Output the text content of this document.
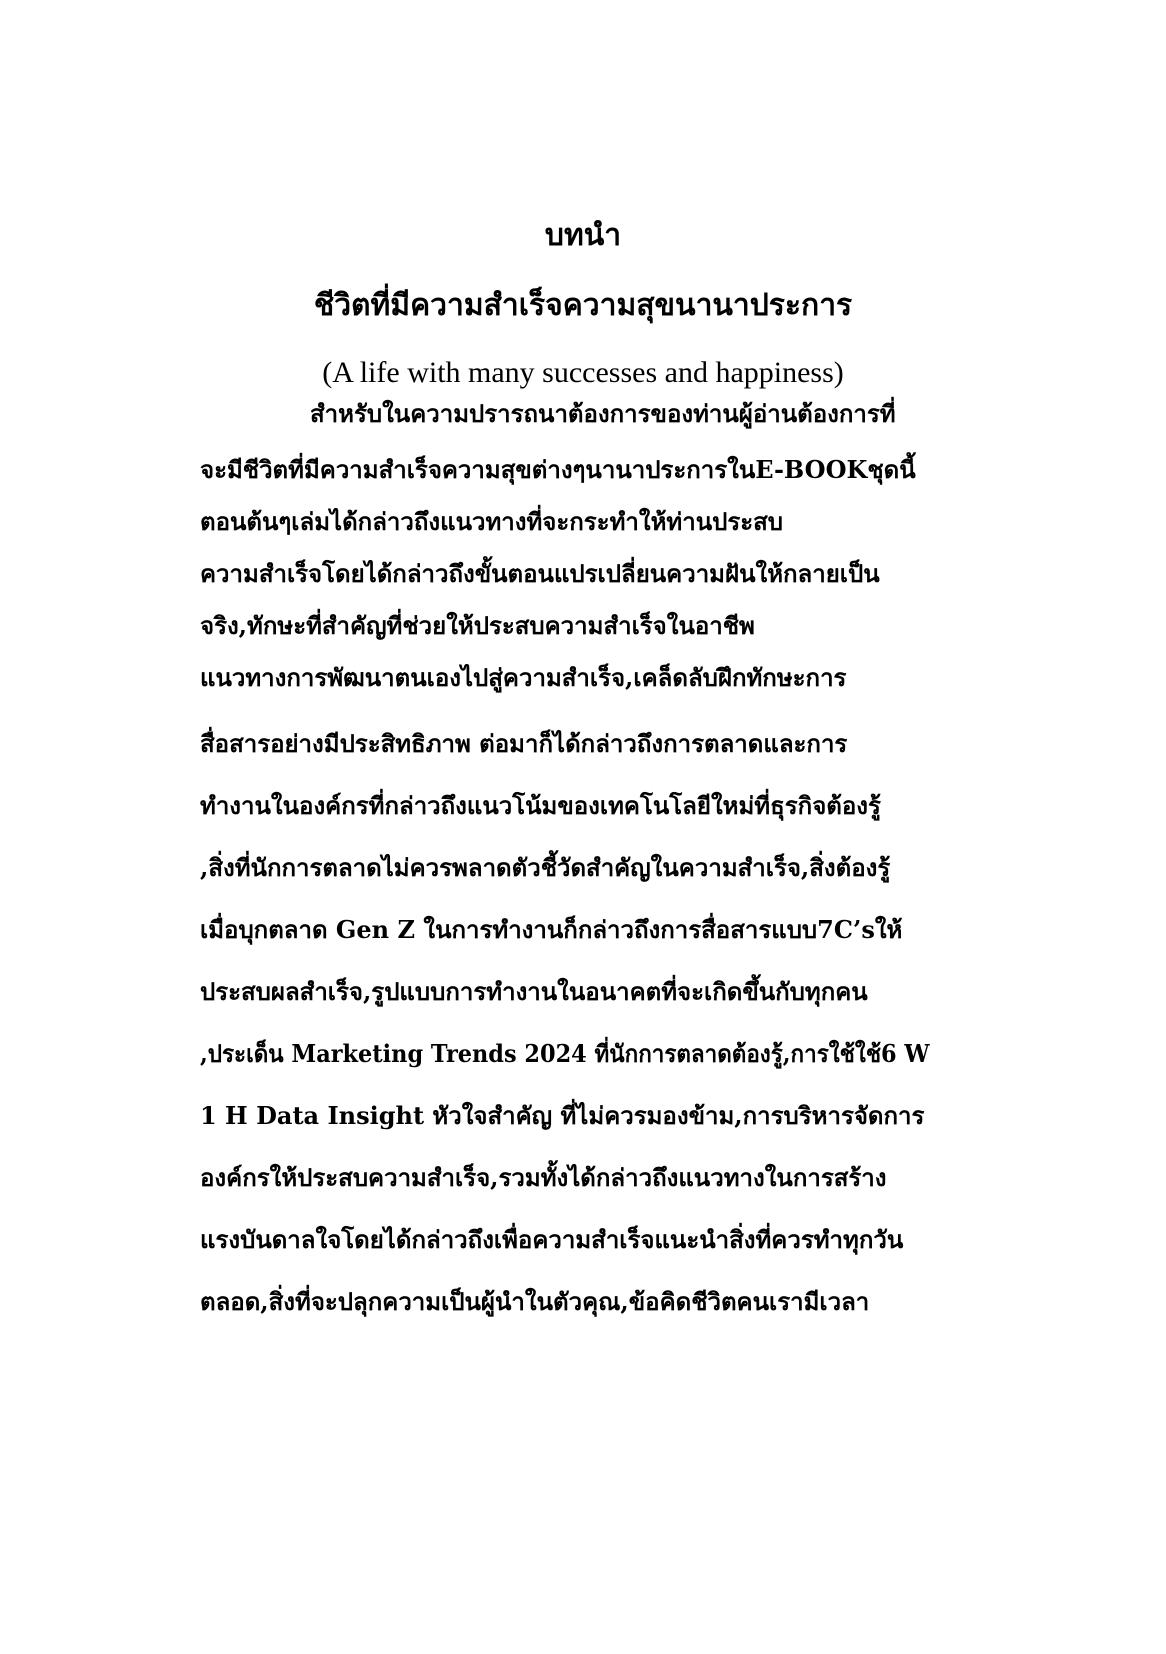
บทนำ
ชีวิตที่มีความสำเร็จความสุขนานาประการ
(A life with many successes and happiness)
สำหรับในความปรารถนาต้องการของท่านผู้อ่านต้องการที่
จะมีชีวิตที่มีความสำเร็จความสุขต่างๆนานาประการในE-BOOKชุดนี้
ตอนต้นๆเล่มได้กล่าวถึงแนวทางที่จะกระทำให้ท่านประสบ
ความสำเร็จโดยได้กล่าวถึงขั้นตอนแปรเปลี่ยนความฝันให้กลายเป็น
จริง,ทักษะที่สำคัญที่ช่วยให้ประสบความสำเร็จในอาชีพ
แนวทางการพัฒนาตนเองไปสู่ความสำเร็จ,เคล็ดลับฝึกทักษะการ
สื่อสารอย่างมีประสิทธิภาพ ต่อมาก็ได้กล่าวถึงการตลาดและการ
ทำงานในองค์กรที่กล่าวถึงแนวโน้มของเทคโนโลยีใหม่ที่ธุรกิจต้องรู้
,สิ่งที่นักการตลาดไม่ควรพลาดตัวชี้วัดสำคัญในความสำเร็จ,สิ่งต้องรู้
เมื่อบุกตลาด Gen Z ในการทำงานก็กล่าวถึงการสื่อสารแบบ7C’sให้
ประสบผลสำเร็จ,รูปแบบการทำงานในอนาคตที่จะเกิดขึ้นกับทุกคน
,ประเด็น Marketing Trends 2024 ที่นักการตลาดต้องรู้,การใช้ใช้6 W
1 H Data Insight หัวใจสำคัญ ที่ไม่ควรมองข้าม,การบริหารจัดการ
องค์กรให้ประสบความสำเร็จ,รวมทั้งได้กล่าวถึงแนวทางในการสร้าง
แรงบันดาลใจโดยได้กล่าวถึงเพื่อความสำเร็จแนะนำสิ่งที่ควรทำทุกวัน
ตลอด,สิ่งที่จะปลุกความเป็นผู้นำในตัวคุณ,ข้อคิดชีวิตคนเรามีเวลา
